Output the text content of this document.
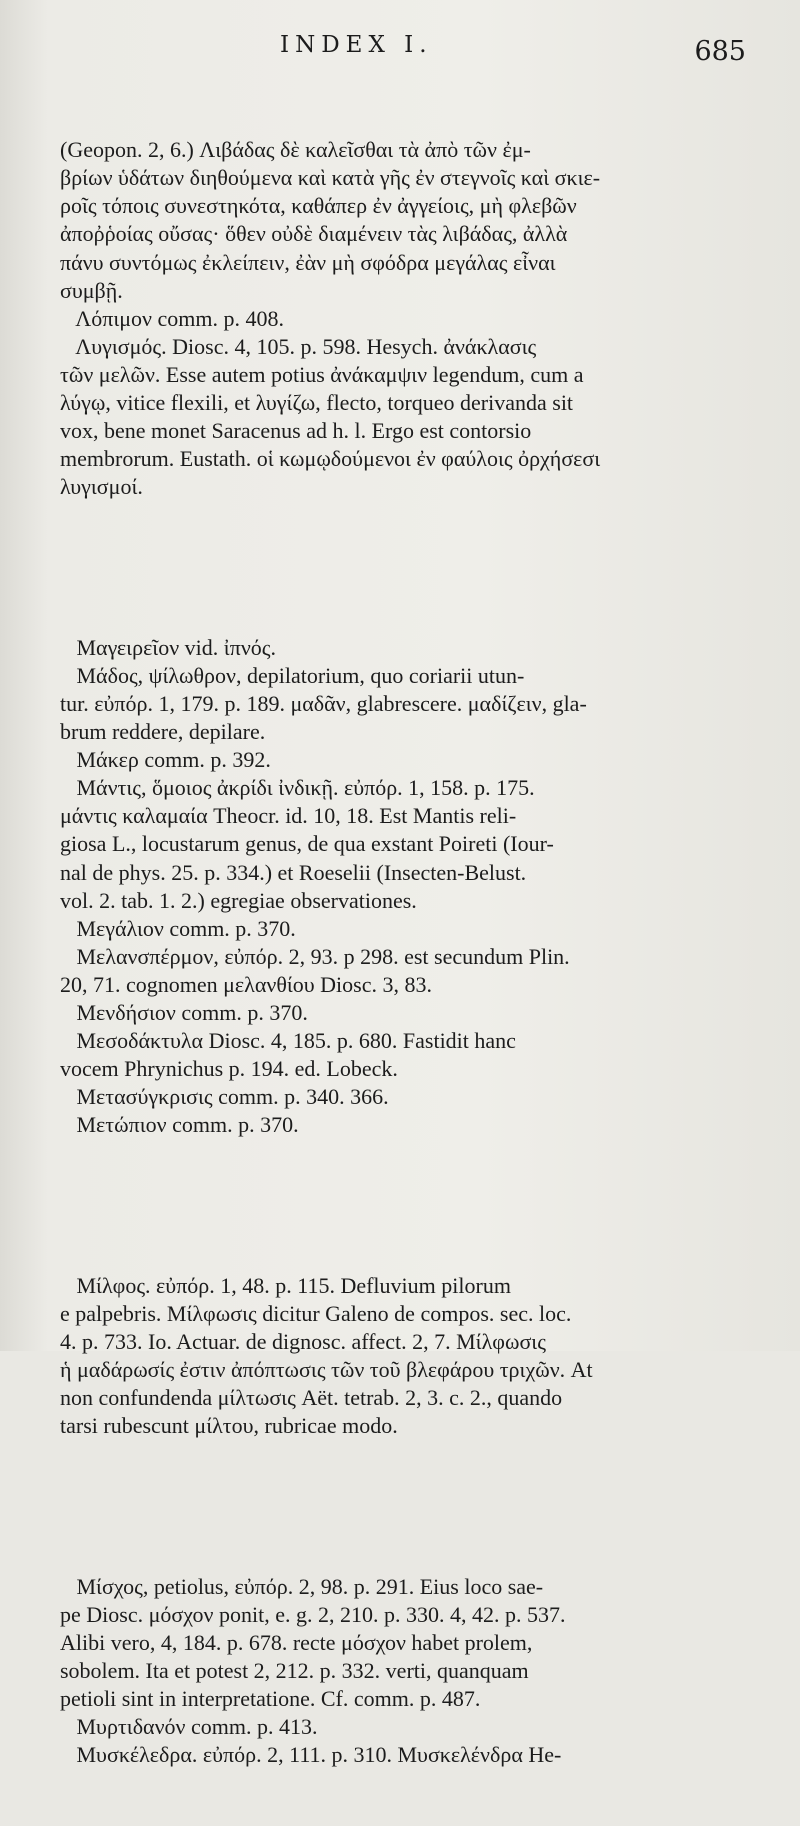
INDEX I.	685

(Geopon. 2, 6.) Λιβάδας δὲ καλεῖσθαι τὰ ἀπὸ τῶν ἐμ-
βρίων ὑδάτων διηθούμενα καὶ κατὰ γῆς ἐν στεγνοῖς καὶ σκιε-
ροῖς τόποις συνεστηκότα, καθάπερ ἐν ἀγγείοις, μὴ φλεβῶν
ἀποῤῥοίας οὔσας· ὅθεν οὐδὲ διαμένειν τὰς λιβάδας, ἀλλὰ
πάνυ συντόμως ἐκλείπειν, ἐὰν μὴ σφόδρα μεγάλας εἶναι
συμβῇ.
Λόπιμον comm. p. 408.
Λυγισμός. Diosc. 4, 105. p. 598. Hesych. ἀνάκλασις
τῶν μελῶν. Esse autem potius ἀνάκαμψιν legendum, cum a
λύγῳ, vitice flexili, et λυγίζω, flecto, torqueo derivanda sit
vox, bene monet Saracenus ad h. l. Ergo est contorsio
membrorum. Eustath. οἱ κωμῳδούμενοι ἐν φαύλοις ὀρχήσεσι
λυγισμοί.

Μαγειρεῖον vid. ἰπνός.
Μάδος, ψίλωθρον, depilatorium, quo coriarii utun-
tur. εὐπόρ. 1, 179. p. 189. μαδᾶν, glabrescere. μαδίζειν, gla-
brum reddere, depilare.
Μάκερ comm. p. 392.
Μάντις, ὅμοιος ἀκρίδι ἰνδικῇ. εὐπόρ. 1, 158. p. 175.
μάντις καλαμαία Theocr. id. 10, 18. Est Mantis reli-
giosa L., locustarum genus, de qua exstant Poireti (Iour-
nal de phys. 25. p. 334.) et Roeselii (Insecten-Belust.
vol. 2. tab. 1. 2.) egregiae observationes.
Μεγάλιον comm. p. 370.
Μελανσπέρμον, εὐπόρ. 2, 93. p 298. est secundum Plin.
20, 71. cognomen μελανθίου Diosc. 3, 83.
Μενδήσιον comm. p. 370.
Μεσοδάκτυλα Diosc. 4, 185. p. 680. Fastidit hanc
vocem Phrynichus p. 194. ed. Lobeck.
Μετασύγκρισις comm. p. 340. 366.
Μετώπιον comm. p. 370.

Μίλφος. εὐπόρ. 1, 48. p. 115. Defluvium pilorum
e palpebris. Μίλφωσις dicitur Galeno de compos. sec. loc.
4. p. 733. Io. Actuar. de dignosc. affect. 2, 7. Μίλφωσις
ἡ μαδάρωσίς ἐστιν ἀπόπτωσις τῶν τοῦ βλεφάρου τριχῶν. At
non confundenda μίλτωσις Aët. tetrab. 2, 3. c. 2., quando
tarsi rubescunt μίλτου, rubricae modo.

Μίσχος, petiolus, εὐπόρ. 2, 98. p. 291. Eius loco sae-
pe Diosc. μόσχον ponit, e. g. 2, 210. p. 330. 4, 42. p. 537.
Alibi vero, 4, 184. p. 678. recte μόσχον habet prolem,
sobolem. Ita et potest 2, 212. p. 332. verti, quanquam
petioli sint in interpretatione. Cf. comm. p. 487.
Μυρτιδανόν comm. p. 413.
Μυσκέλεδρα. εὐπόρ. 2, 111. p. 310. Μυσκελένδρα He-
